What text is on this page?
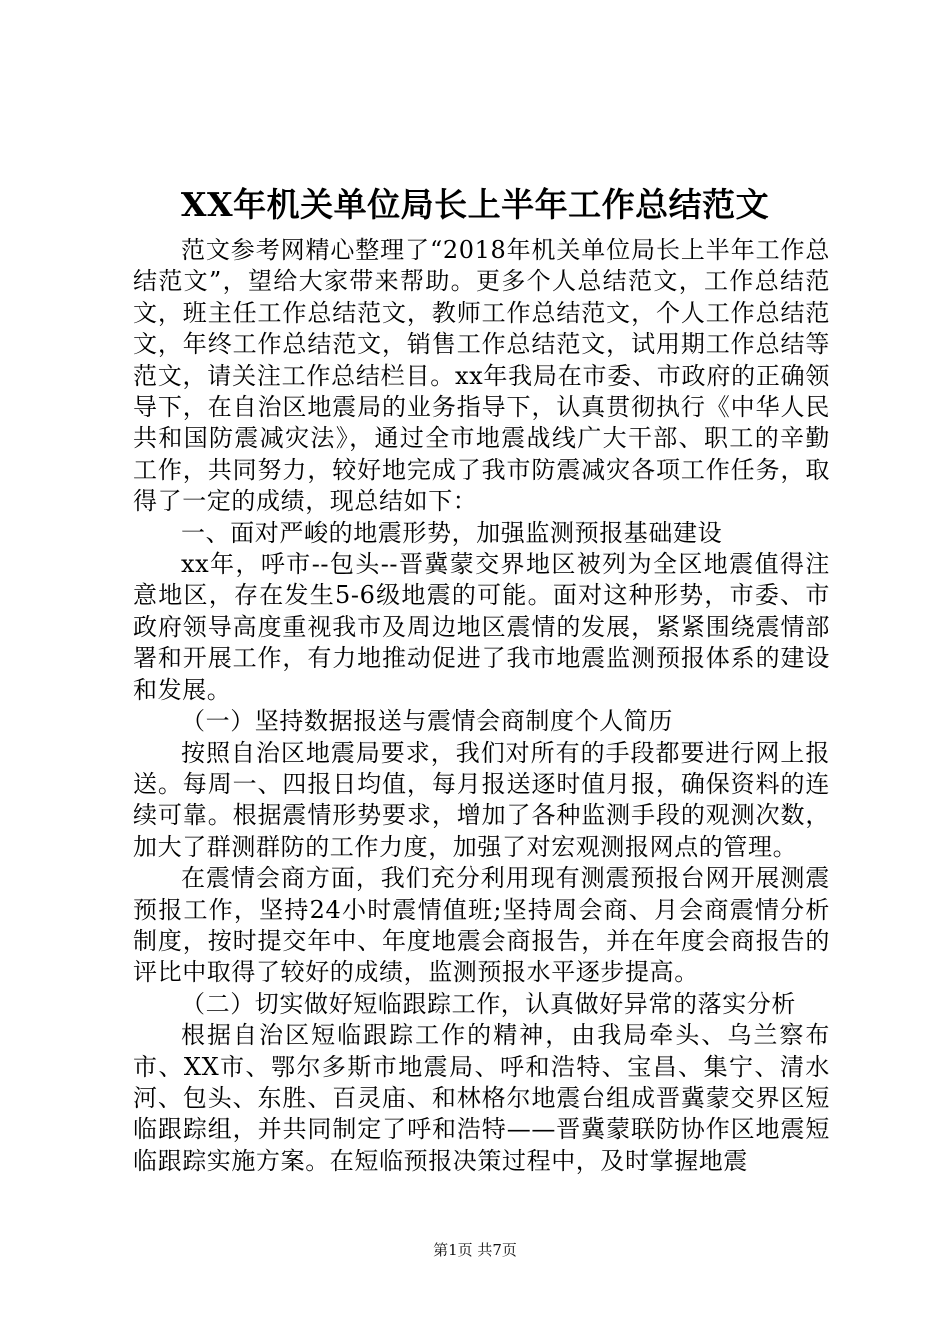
XX年机关单位局长上半年工作总结范文

范文参考网精心整理了“2018年机关单位局长上半年工作总结范文”，望给大家带来帮助。更多个人总结范文，工作总结范文，班主任工作总结范文，教师工作总结范文，个人工作总结范文，年终工作总结范文，销售工作总结范文，试用期工作总结等范文，请关注工作总结栏目。xx年我局在市委、市政府的正确领导下，在自治区地震局的业务指导下，认真贯彻执行《中华人民共和国防震减灾法》，通过全市地震战线广大干部、职工的辛勤工作，共同努力，较好地完成了我市防震减灾各项工作任务，取得了一定的成绩，现总结如下：

一、面对严峻的地震形势，加强监测预报基础建设

xx年，呼市--包头--晋冀蒙交界地区被列为全区地震值得注意地区，存在发生5-6级地震的可能。面对这种形势，市委、市政府领导高度重视我市及周边地区震情的发展，紧紧围绕震情部署和开展工作，有力地推动促进了我市地震监测预报体系的建设和发展。

（一）坚持数据报送与震情会商制度个人简历

按照自治区地震局要求，我们对所有的手段都要进行网上报送。每周一、四报日均值，每月报送逐时值月报，确保资料的连续可靠。根据震情形势要求，增加了各种监测手段的观测次数，加大了群测群防的工作力度，加强了对宏观测报网点的管理。

在震情会商方面，我们充分利用现有测震预报台网开展测震预报工作，坚持24小时震情值班;坚持周会商、月会商震情分析制度，按时提交年中、年度地震会商报告，并在年度会商报告的评比中取得了较好的成绩，监测预报水平逐步提高。

（二）切实做好短临跟踪工作，认真做好异常的落实分析

根据自治区短临跟踪工作的精神，由我局牵头、乌兰察布市、XX市、鄂尔多斯市地震局、呼和浩特、宝昌、集宁、清水河、包头、东胜、百灵庙、和林格尔地震台组成晋冀蒙交界区短临跟踪组，并共同制定了呼和浩特——晋冀蒙联防协作区地震短临跟踪实施方案。在短临预报决策过程中，及时掌握地震

第1页 共7页
